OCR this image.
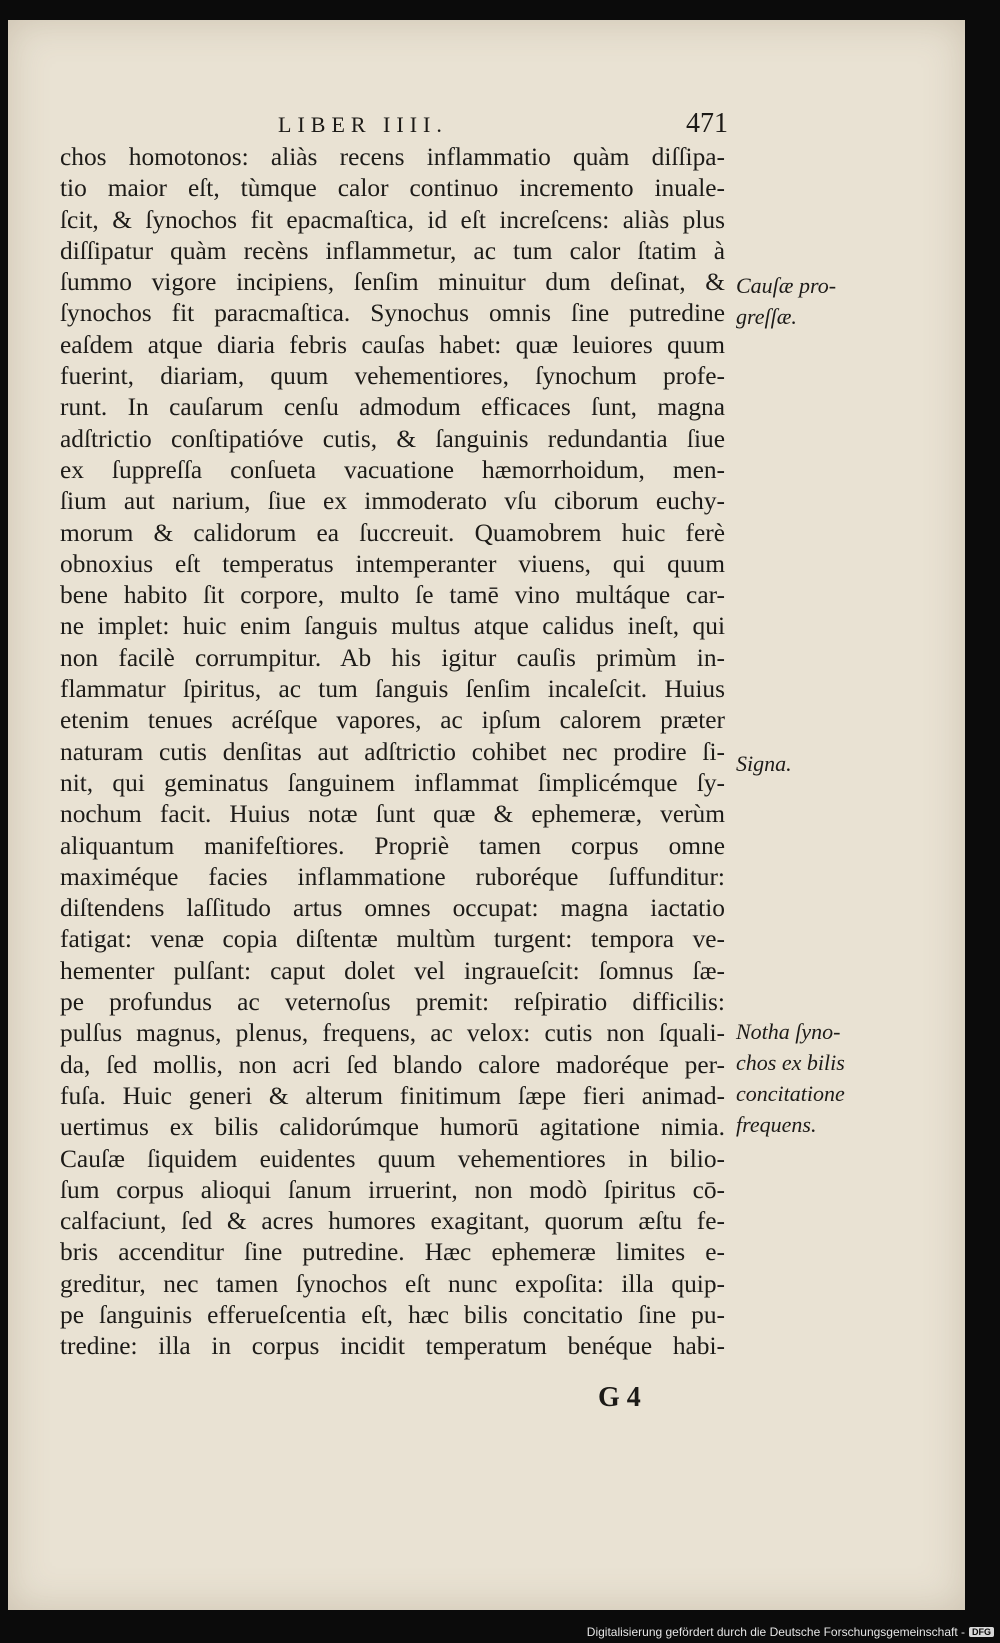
LIBER IIII.	471
chos homotonos: aliàs recens inflammatio quàm diſſipa-
tio maior eſt, tùmque calor continuo incremento inuale-
ſcit, & ſynochos fit epacmaſtica, id eſt increſcens: aliàs plus
diſſipatur quàm recèns inflammetur, ac tum calor ſtatim à
ſummo vigore incipiens, ſenſim minuitur dum deſinat, &
ſynochos fit paracmaſtica. Synochus omnis ſine putredine
eaſdem atque diaria febris cauſas habet: quæ leuiores quum
fuerint, diariam, quum vehementiores, ſynochum profe-
runt. In cauſarum cenſu admodum efficaces ſunt, magna
adſtrictio conſtipatióve cutis, & ſanguinis redundantia ſiue
ex ſuppreſſa conſueta vacuatione hæmorrhoidum, men-
ſium aut narium, ſiue ex immoderato vſu ciborum euchy-
morum & calidorum ea ſuccreuit. Quamobrem huic ferè
obnoxius eſt temperatus intemperanter viuens, qui quum
bene habito ſit corpore, multo ſe tamē vino multáque car-
ne implet: huic enim ſanguis multus atque calidus ineſt, qui
non facilè corrumpitur. Ab his igitur cauſis primùm in-
flammatur ſpiritus, ac tum ſanguis ſenſim incaleſcit. Huius
etenim tenues acréſque vapores, ac ipſum calorem præter
naturam cutis denſitas aut adſtrictio cohibet nec prodire ſi-
nit, qui geminatus ſanguinem inflammat ſimplicémque ſy-
nochum facit. Huius notæ ſunt quæ & ephemeræ, verùm
aliquantum manifeſtiores. Propriè tamen corpus omne
maximéque facies inflammatione ruboréque ſuffunditur:
diſtendens laſſitudo artus omnes occupat: magna iactatio
fatigat: venæ copia diſtentæ multùm turgent: tempora ve-
hementer pulſant: caput dolet vel ingraueſcit: ſomnus ſæ-
pe profundus ac veternoſus premit: reſpiratio difficilis:
pulſus magnus, plenus, frequens, ac velox: cutis non ſquali-
da, ſed mollis, non acri ſed blando calore madoréque per-
fuſa. Huic generi & alterum finitimum ſæpe fieri animad-
uertimus ex bilis calidorúmque humorū agitatione nimia.
Cauſæ ſiquidem euidentes quum vehementiores in bilio-
ſum corpus alioqui ſanum irruerint, non modò ſpiritus cō-
calfaciunt, ſed & acres humores exagitant, quorum æſtu fe-
bris accenditur ſine putredine. Hæc ephemeræ limites e-
greditur, nec tamen ſynochos eſt nunc expoſita: illa quip-
pe ſanguinis efferueſcentia eſt, hæc bilis concitatio ſine pu-
tredine: illa in corpus incidit temperatum benéque habi-
Cauſæ pro-
greſſæ.
Signa.
Notha ſyno-
chos ex bilis
concitatione
frequens.
G 4
Digitalisierung gefördert durch die Deutsche Forschungsgemeinschaft - DFG
